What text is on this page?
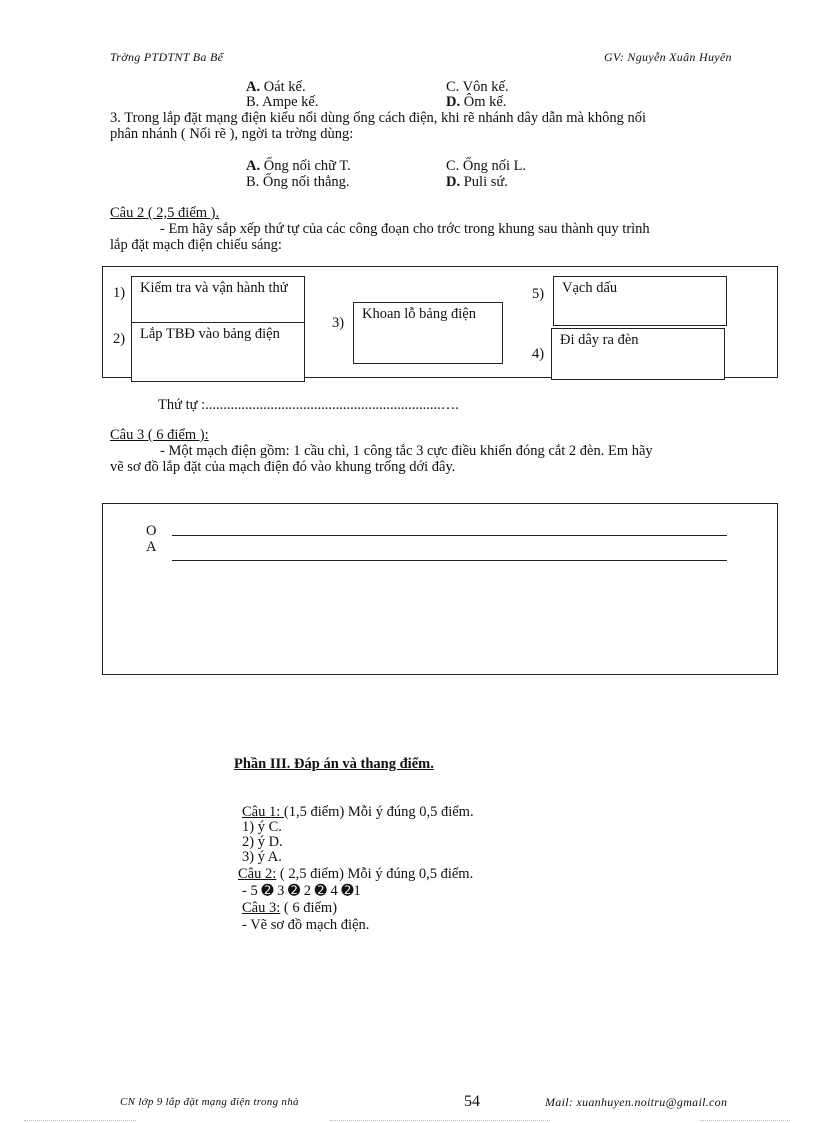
Trờng PTDTNT Ba Bể	GV: Nguyễn Xuân Huyên
A. Oát kế.	C. Vôn kế.
B. Ampe kế.	D. Ôm kế.
3. Trong lắp đặt mạng điện kiểu nổi dùng ống cách điện, khi rẽ nhánh dây dẫn mà không nối
phân nhánh ( Nối rẽ ), ngời ta trờng dùng:
A. Ống nối chữ T.	C. Ống nối L.
B. Ống nối thẳng.	D. Puli sứ.
Câu 2 ( 2,5 điểm ).
- Em hãy sắp xếp thứ tự của các công đoạn cho trớc trong khung sau thành quy trình
lắp đặt mạch điện chiếu sáng:
1)	Kiểm tra và vận hành thử
2)	Lắp TBĐ vào bảng điện
3)
Khoan lỗ bảng điện
5)	Vạch dấu
4)
Đi dây ra đèn
Thứ tự :.................................................................….
Câu 3 ( 6 điểm ):
- Một mạch điện gồm: 1 cầu chì, 1 công tắc 3 cực điều khiển đóng cắt 2 đèn. Em hãy
vẽ sơ đồ lắp đặt của mạch điện đó vào khung trống dới đây.
O
A
Phần III. Đáp án và thang điểm.
Câu 1: (1,5 điểm) Mỗi ý đúng 0,5 điểm.
1) ý C.
2) ý D.
3) ý A.
Câu 2: ( 2,5 điểm) Mỗi ý đúng 0,5 điểm.
- 5 ➋ 3 ➋ 2 ➋ 4 ➋1
Câu 3: ( 6 điểm)
- Vẽ sơ đồ mạch điện.
CN lớp 9 lắp đặt mạng điện trong nhà	54	Mail: xuanhuyen.noitru@gmail.con
